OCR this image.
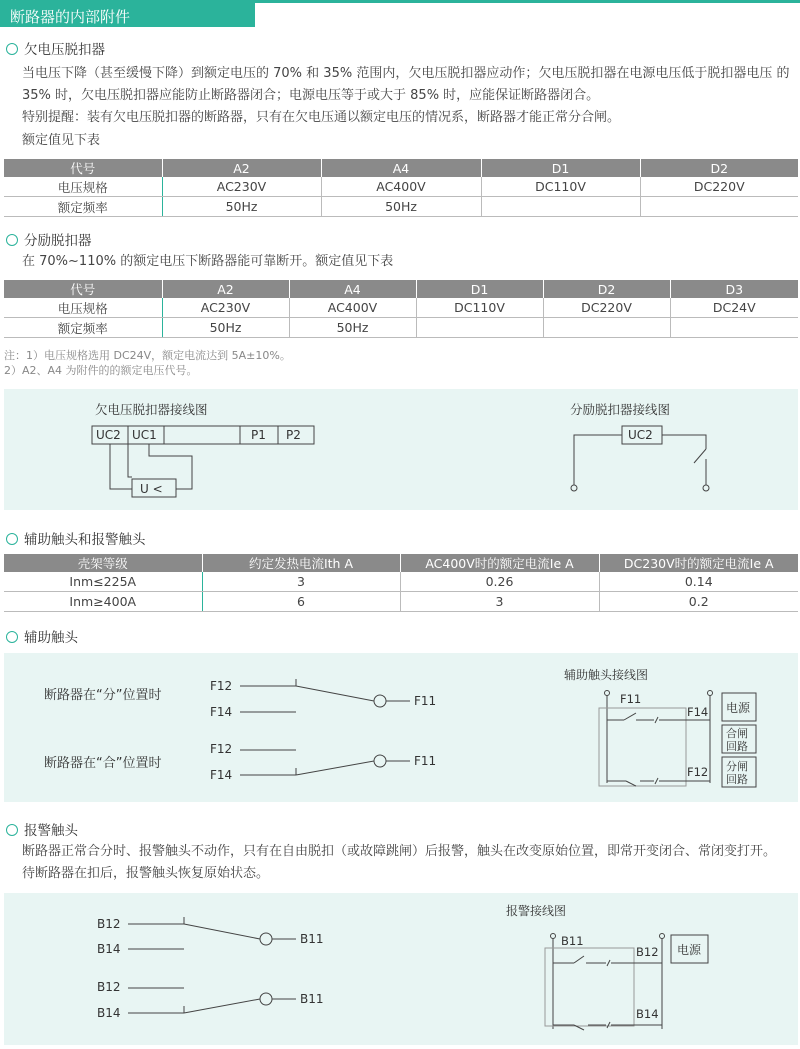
断路器的内部附件
欠电压脱扣器
当电压下降（甚至缓慢下降）到额定电压的 70% 和 35% 范围内，欠电压脱扣器应动作；欠电压脱扣器在电源电压低于脱扣器电压 的
35% 时，欠电压脱扣器应能防止断路器闭合；电源电压等于或大于 85% 时，应能保证断路器闭合。
特别提醒：装有欠电压脱扣器的断路器，只有在欠电压通以额定电压的情况系，断路器才能正常分合闸。
额定值见下表
代号	A2	A4	D1	D2
电压规格	AC230V	AC400V	DC110V	DC220V
额定频率	50Hz	50Hz		
分励脱扣器
在 70%~110% 的额定电压下断路器能可靠断开。额定值见下表
代号	A2	A4	D1	D2	D3
电压规格	AC230V	AC400V	DC110V	DC220V	DC24V
额定频率	50Hz	50Hz			
注：1）电压规格选用 DC24V，额定电流达到 5A±10%。
2）A2、A4 为附件的的额定电压代号。
欠电压脱扣器接线图
UC2 UC1	P1 P2
U <
分励脱扣器接线图
UC2
辅助触头和报警触头
壳架等级	约定发热电流Ith A	AC400V时的额定电流Ie A	DC230V时的额定电流Ie A
Inm≤225A	3	0.26	0.14
Inm≥400A	6	3	0.2
辅助触头
断路器在“分”位置时
断路器在“合”位置时
F12
F14
F11
F12
F14
F11
辅助触头接线图
F11
F14
F12
电源
合闸
回路
分闸
回路
报警触头
断路器正常合分时、报警触头不动作，只有在自由脱扣（或故障跳闸）后报警，触头在改变原始位置，即常开变闭合、常闭变打开。
待断路器在扣后，报警触头恢复原始状态。
B12
B14
B11
B12
B14
B11
报警接线图
B11
B12
B14
电源
